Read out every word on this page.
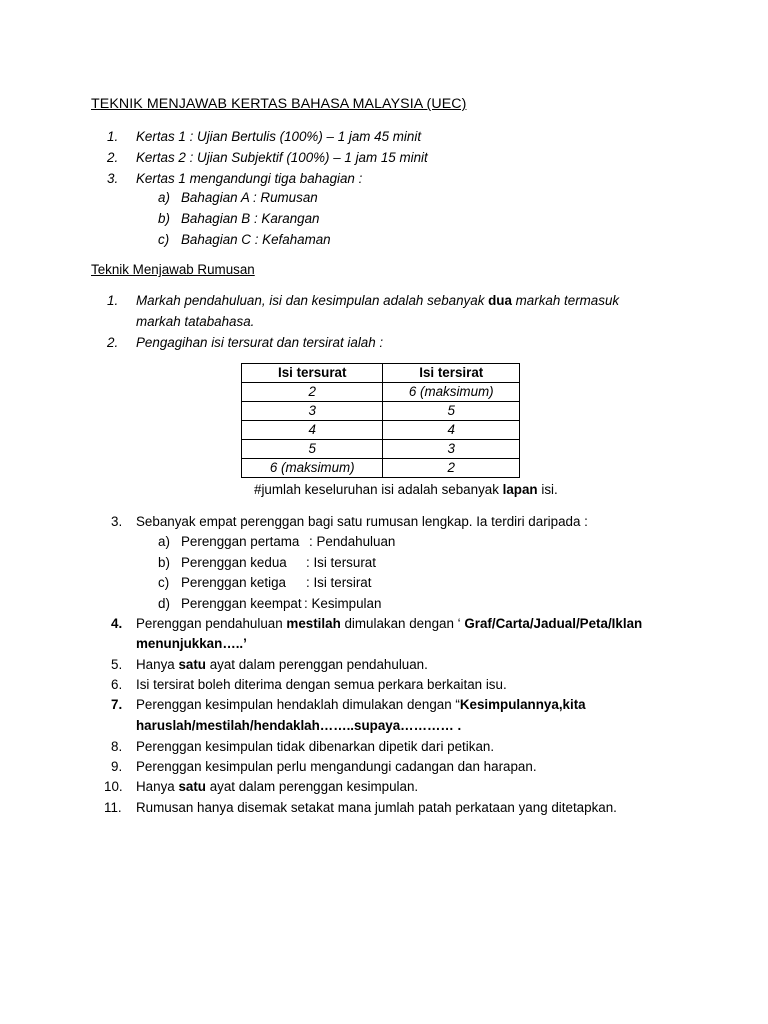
TEKNIK MENJAWAB KERTAS BAHASA MALAYSIA (UEC)
1.	Kertas 1 : Ujian Bertulis (100%) – 1 jam 45 minit
2.	Kertas 2 : Ujian Subjektif (100%) – 1 jam 15 minit
3.	Kertas 1 mengandungi tiga bahagian :
a) Bahagian A : Rumusan
b) Bahagian B : Karangan
c) Bahagian C : Kefahaman
Teknik Menjawab Rumusan
1. Markah pendahuluan, isi dan kesimpulan adalah sebanyak dua markah termasuk
markah tatabahasa.
2. Pengagihan isi tersurat dan tersirat ialah :
Isi tersurat	Isi tersirat
2	6 (maksimum)
3	5
4	4
5	3
6 (maksimum)	2
#jumlah keseluruhan isi adalah sebanyak lapan isi.
3. Sebanyak empat perenggan bagi satu rumusan lengkap. Ia terdiri daripada :
a) Perenggan pertama : Pendahuluan
b) Perenggan kedua : Isi tersurat
c) Perenggan ketiga : Isi tersirat
d) Perenggan keempat : Kesimpulan
4. Perenggan pendahuluan mestilah dimulakan dengan ‘ Graf/Carta/Jadual/Peta/Iklan
menunjukkan…..’
5. Hanya satu ayat dalam perenggan pendahuluan.
6. Isi tersirat boleh diterima dengan semua perkara berkaitan isu.
7. Perenggan kesimpulan hendaklah dimulakan dengan “Kesimpulannya,kita
haruslah/mestilah/hendaklah……..supaya………… .
8. Perenggan kesimpulan tidak dibenarkan dipetik dari petikan.
9. Perenggan kesimpulan perlu mengandungi cadangan dan harapan.
10. Hanya satu ayat dalam perenggan kesimpulan.
11. Rumusan hanya disemak setakat mana jumlah patah perkataan yang ditetapkan.
